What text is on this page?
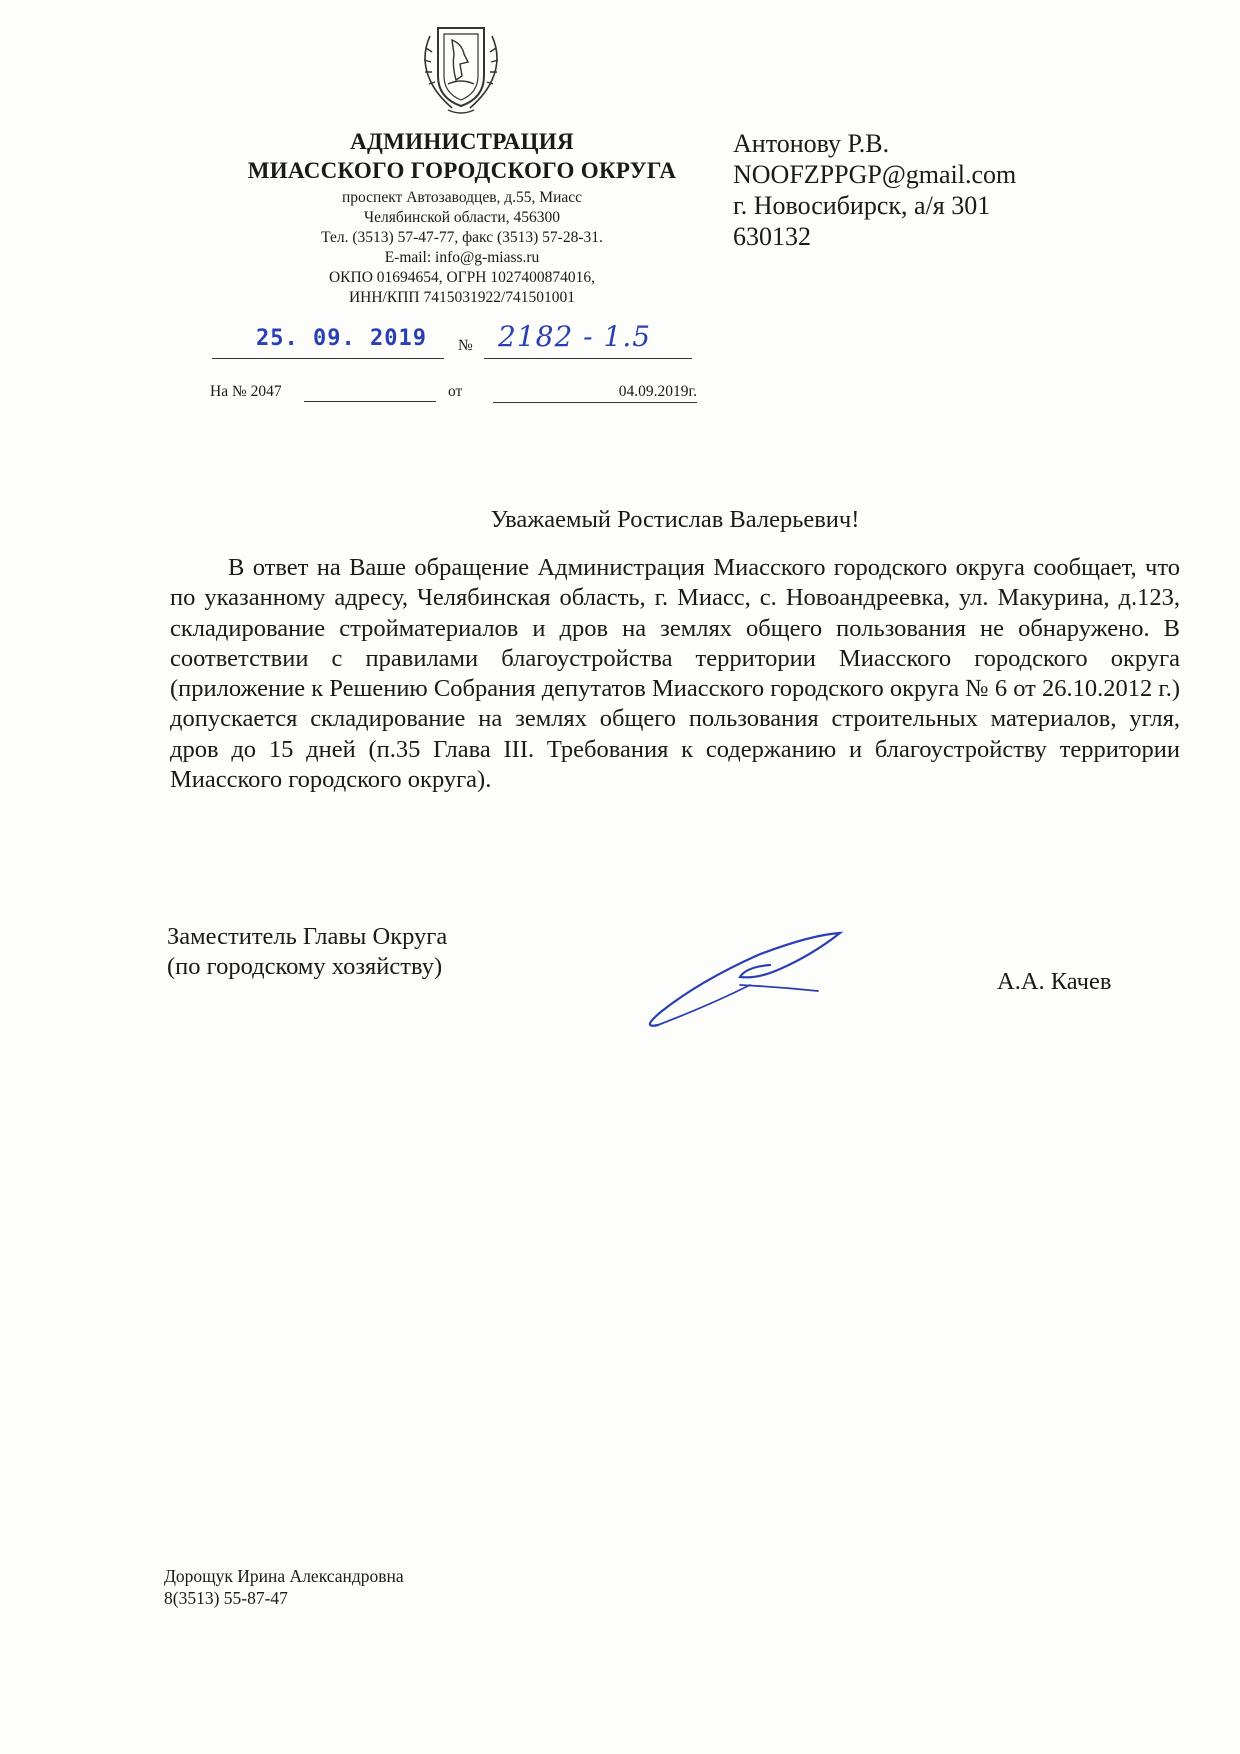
АДМИНИСТРАЦИЯ
МИАССКОГО ГОРОДСКОГО ОКРУГА
проспект Автозаводцев, д.55, Миасс
Челябинской области, 456300
Тел. (3513) 57-47-77, факс (3513) 57-28-31.
E-mail: info@g-miass.ru
ОКПО 01694654, ОГРН 1027400874016,
ИНН/КПП 7415031922/741501001
25. 09. 2019 № 2182 - 1.5
На № 2047	от	04.09.2019г.
Антонову Р.В.
NOOFZPPGP@gmail.com
г. Новосибирск, а/я 301
630132
Уважаемый Ростислав Валерьевич!
В ответ на Ваше обращение Администрация Миасского городского округа сообщает, что по указанному адресу, Челябинская область, г. Миасс, с. Новоандреевка, ул. Макурина, д.123, складирование стройматериалов и дров на землях общего пользования не обнаружено. В соответствии с правилами благоустройства территории Миасского городского округа (приложение к Решению Собрания депутатов Миасского городского округа № 6 от 26.10.2012 г.) допускается складирование на землях общего пользования строительных материалов, угля, дров до 15 дней (п.35 Глава III. Требования к содержанию и благоустройству территории Миасского городского округа).
Заместитель Главы Округа
(по городскому хозяйству)
А.А. Качев
Дорощук Ирина Александровна
8(3513) 55-87-47
